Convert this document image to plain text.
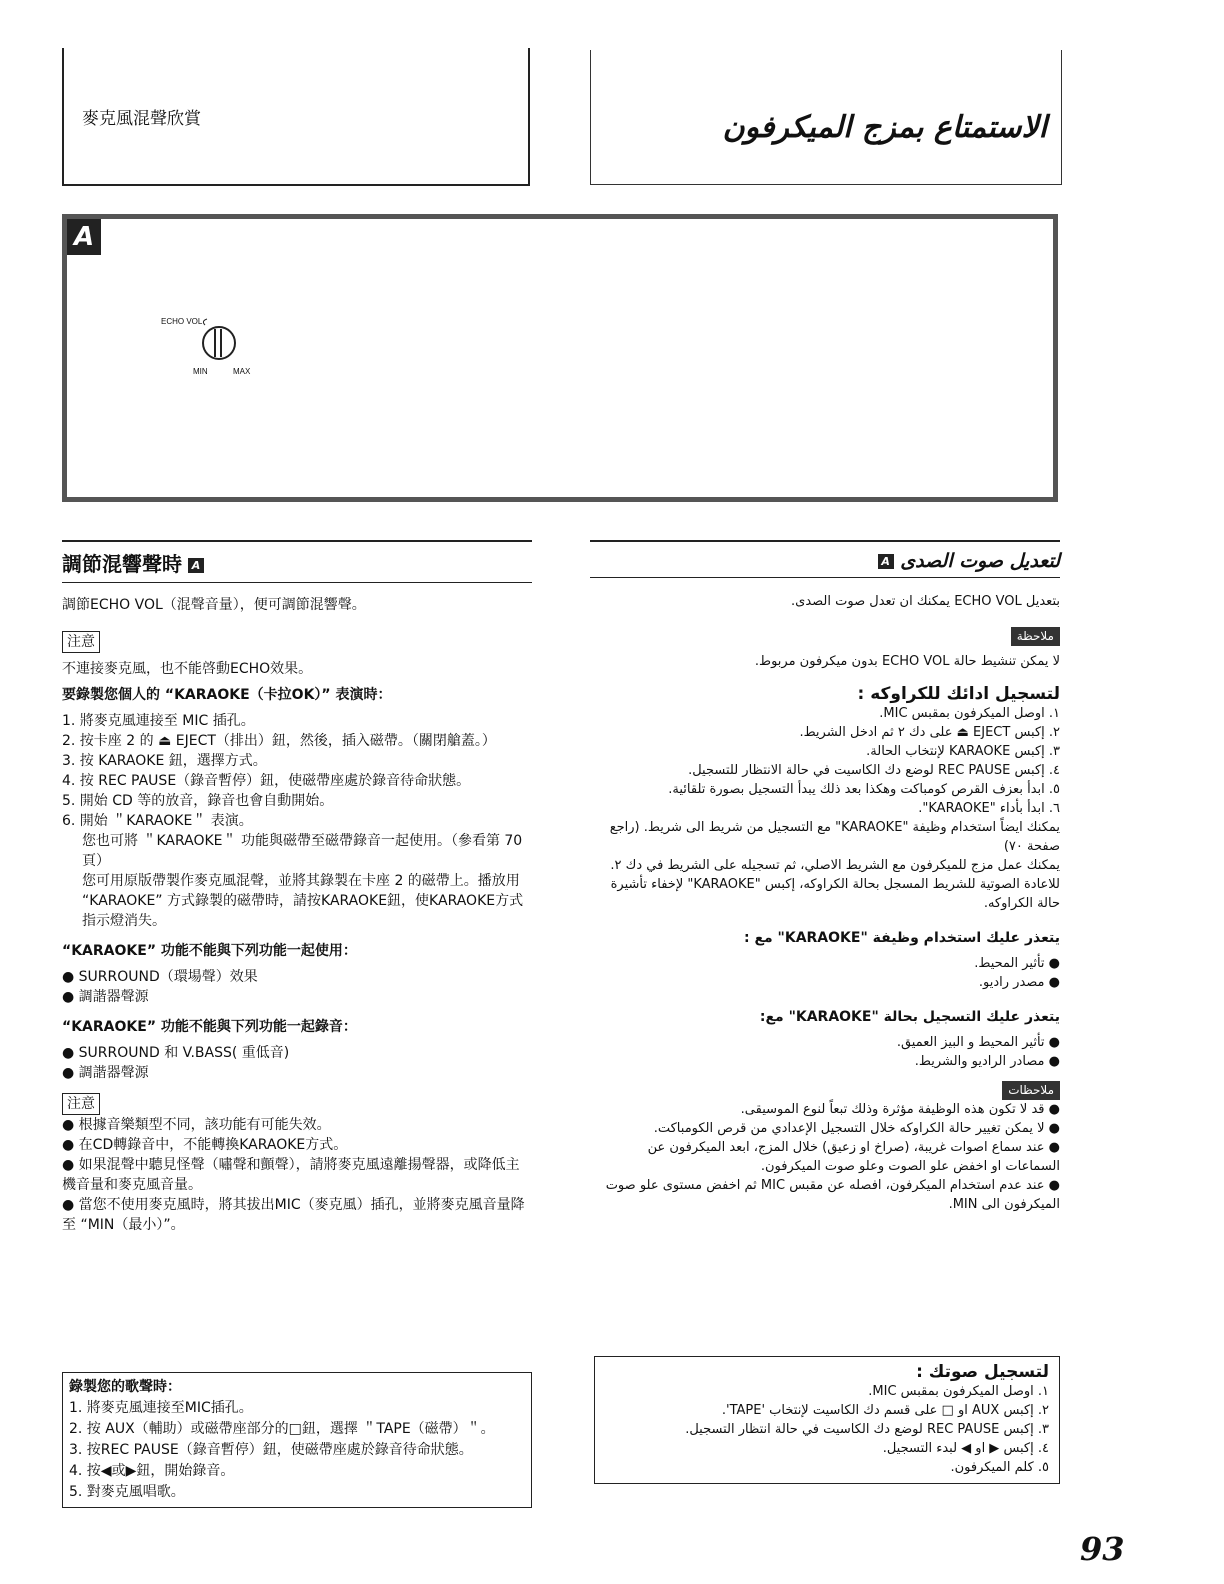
麥克風混聲欣賞	الاستمتاع بمزج الميكرفون
A
ECHO VOL
MIN	MAX
調節混響聲時 A
調節ECHO VOL（混聲音量），便可調節混響聲。
注意
不連接麥克風，也不能啓動ECHO效果。
要錄製您個人的 “KARAOKE（卡拉OK）” 表演時：
1. 將麥克風連接至 MIC 插孔。
2. 按卡座 2 的 ⏏ EJECT（排出）鈕，然後，插入磁帶。（關閉艙蓋。）
3. 按 KARAOKE 鈕，選擇方式。
4. 按 REC PAUSE（錄音暫停）鈕，使磁帶座處於錄音待命狀態。
5. 開始 CD 等的放音，錄音也會自動開始。
6. 開始 ＂KARAOKE＂ 表演。
您也可將 ＂KARAOKE＂ 功能與磁帶至磁帶錄音一起使用。（參看第 70 頁）
您可用原版帶製作麥克風混聲，並將其錄製在卡座 2 的磁帶上。播放用 “KARAOKE” 方式錄製的磁帶時，請按KARAOKE鈕，使KARAOKE方式指示燈消失。
“KARAOKE” 功能不能與下列功能一起使用：
● SURROUND（環場聲）效果
● 調諧器聲源
“KARAOKE” 功能不能與下列功能一起錄音：
● SURROUND 和 V.BASS( 重低音)
● 調諧器聲源
注意
● 根據音樂類型不同，該功能有可能失效。
● 在CD轉錄音中，不能轉換KARAOKE方式。
● 如果混聲中聽見怪聲（嘯聲和顫聲），請將麥克風遠離揚聲器，或降低主機音量和麥克風音量。
● 當您不使用麥克風時，將其拔出MIC（麥克風）插孔，並將麥克風音量降至 “MIN（最小）”。
錄製您的歌聲時：
1. 將麥克風連接至MIC插孔。
2. 按 AUX（輔助）或磁帶座部分的□鈕，選擇 ＂TAPE（磁帶）＂。
3. 按REC PAUSE（錄音暫停）鈕，使磁帶座處於錄音待命狀態。
4. 按◀或▶鈕，開始錄音。
5. 對麥克風唱歌。
لتعديل صوت الصدى A
بتعديل ECHO VOL يمكنك ان تعدل صوت الصدى.
ملاحظة
لا يمكن تنشيط حالة ECHO VOL بدون ميكرفون مربوط.
لتسجيل ادائك للكراوكه :
١. اوصل الميكرفون بمقبس MIC.
٢. إكبس EJECT ⏏ على دك ٢ ثم ادخل الشريط.
٣. إكبس KARAOKE لإنتخاب الحالة.
٤. إكبس REC PAUSE لوضع دك الكاسيت في حالة الانتظار للتسجيل.
٥. ابدأ بعزف القرص كومباكت وهكذا بعد ذلك يبدأ التسجيل بصورة تلقائية.
٦. ابدأ بأداء "KARAOKE".
يمكنك ايضاً استخدام وظيفة "KARAOKE" مع التسجيل من شريط الى شريط. (راجع صفحة ٧٠)
يمكنك عمل مزج للميكرفون مع الشريط الاصلي، ثم تسجيله على الشريط في دك ٢. للاعادة الصوتية للشريط المسجل بحالة الكراوكه، إكبس "KARAOKE" لإخفاء تأشيرة حالة الكراوكه.
يتعذر عليك استخدام وظيفة "KARAOKE" مع :
● تأثير المحيط.
● مصدر راديو.
يتعذر عليك التسجيل بحالة "KARAOKE" مع:
● تأثير المحيط و البيز العميق.
● مصادر الراديو والشريط.
ملاحظات
● قد لا تكون هذه الوظيفة مؤثرة وذلك تبعاً لنوع الموسيقى.
● لا يمكن تغيير حالة الكراوكه خلال التسجيل الإعدادي من قرص الكومباكت.
● عند سماع اصوات غريبة، (صراخ او زعيق) خلال المزج، ابعد الميكرفون عن السماعات او اخفض علو الصوت وعلو صوت الميكرفون.
● عند عدم استخدام الميكرفون، افصله عن مقبس MIC ثم اخفض مستوى علو صوت الميكرفون الى MIN.
لتسجيل صوتك :
١. اوصل الميكرفون بمقبس MIC.
٢. إكبس AUX او □ على قسم دك الكاسيت لإنتخاب 'TAPE'.
٣. إكبس REC PAUSE لوضع دك الكاسيت في حالة انتظار التسجيل.
٤. إكبس ▶ او ◀ لبدء التسجيل.
٥. كلم الميكرفون.
93
